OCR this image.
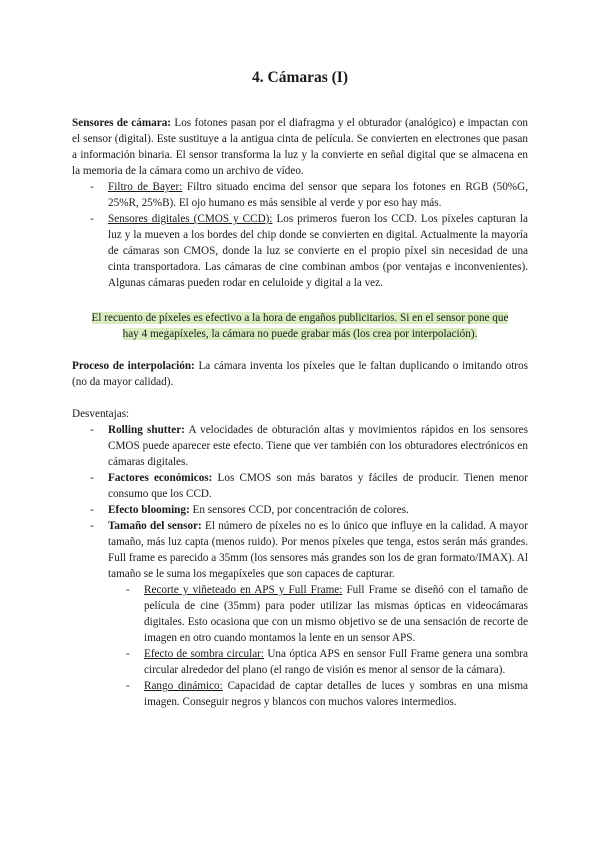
4. Cámaras (I)

Sensores de cámara: Los fotones pasan por el diafragma y el obturador (analógico) e impactan con el sensor (digital). Este sustituye a la antigua cinta de película. Se convierten en electrones que pasan a información binaria. El sensor transforma la luz y la convierte en señal digital que se almacena en la memoria de la cámara como un archivo de vídeo.

- Filtro de Bayer: Filtro situado encima del sensor que separa los fotones en RGB (50%G, 25%R, 25%B). El ojo humano es más sensible al verde y por eso hay más.
- Sensores digitales (CMOS y CCD): Los primeros fueron los CCD. Los píxeles capturan la luz y la mueven a los bordes del chip donde se convierten en digital. Actualmente la mayoría de cámaras son CMOS, donde la luz se convierte en el propio píxel sin necesidad de una cinta transportadora. Las cámaras de cine combinan ambos (por ventajas e inconvenientes). Algunas cámaras pueden rodar en celuloide y digital a la vez.

El recuento de píxeles es efectivo a la hora de engaños publicitarios. Si en el sensor pone que
hay 4 megapíxeles, la cámara no puede grabar más (los crea por interpolación).

Proceso de interpolación: La cámara inventa los píxeles que le faltan duplicando o imitando otros (no da mayor calidad).

Desventajas:

- Rolling shutter: A velocidades de obturación altas y movimientos rápidos en los sensores CMOS puede aparecer este efecto. Tiene que ver también con los obturadores electrónicos en cámaras digitales.
- Factores económicos: Los CMOS son más baratos y fáciles de producir. Tienen menor consumo que los CCD.
- Efecto blooming: En sensores CCD, por concentración de colores.
- Tamaño del sensor: El número de píxeles no es lo único que influye en la calidad. A mayor tamaño, más luz capta (menos ruido). Por menos píxeles que tenga, estos serán más grandes. Full frame es parecido a 35mm (los sensores más grandes son los de gran formato/IMAX). Al tamaño se le suma los megapíxeles que son capaces de capturar.
- Recorte y viñeteado en APS y Full Frame: Full Frame se diseñó con el tamaño de película de cine (35mm) para poder utilizar las mismas ópticas en videocámaras digitales. Esto ocasiona que con un mismo objetivo se de una sensación de recorte de imagen en otro cuando montamos la lente en un sensor APS.
- Efecto de sombra circular: Una óptica APS en sensor Full Frame genera una sombra circular alrededor del plano (el rango de visión es menor al sensor de la cámara).
- Rango dinámico: Capacidad de captar detalles de luces y sombras en una misma imagen. Conseguir negros y blancos con muchos valores intermedios.
